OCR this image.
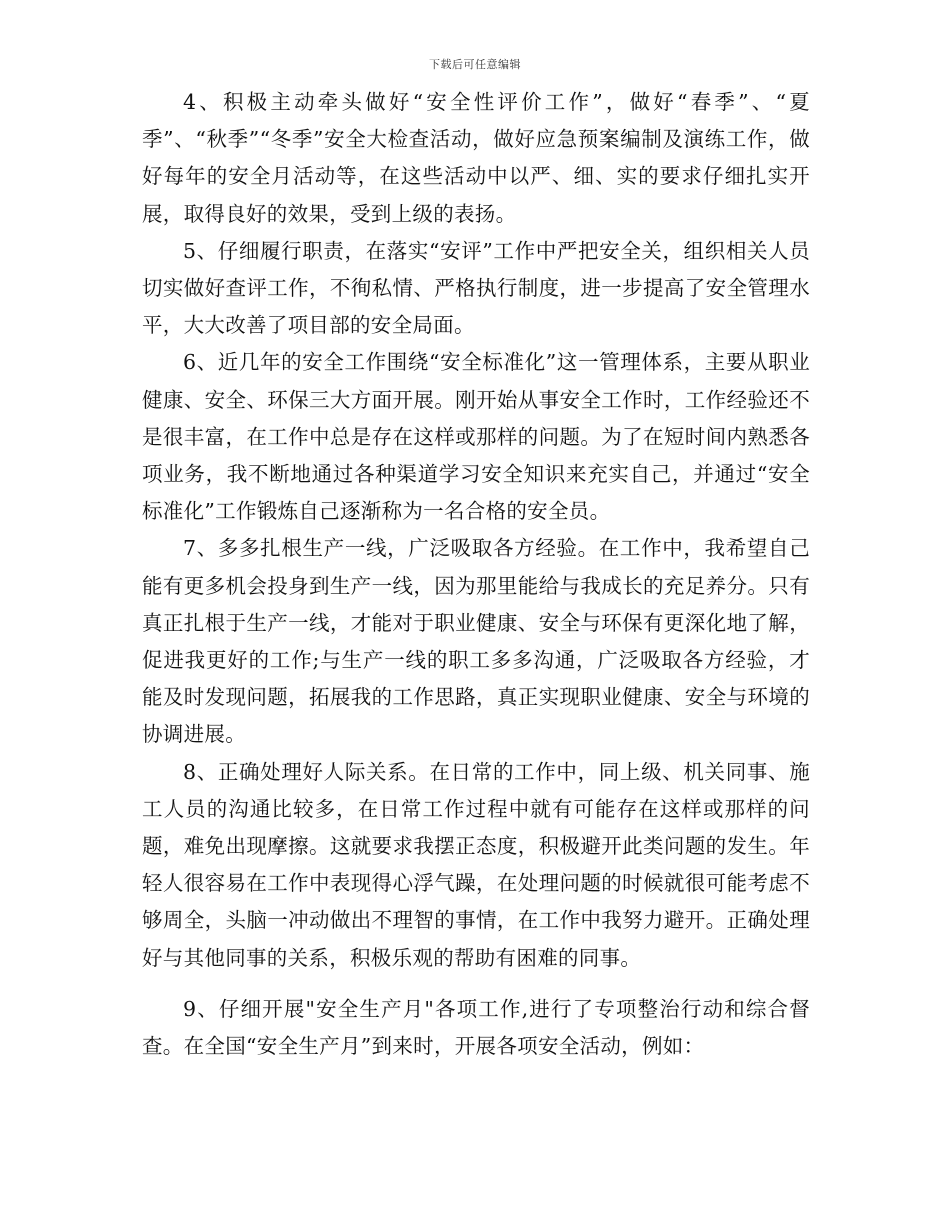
下载后可任意编辑

4、积极主动牵头做好“安全性评价工作”，做好“春季”、“夏季”、“秋季”“冬季”安全大检查活动，做好应急预案编制及演练工作，做好每年的安全月活动等，在这些活动中以严、细、实的要求仔细扎实开展，取得良好的效果，受到上级的表扬。

5、仔细履行职责，在落实“安评”工作中严把安全关，组织相关人员切实做好查评工作，不徇私情、严格执行制度，进一步提高了安全管理水平，大大改善了项目部的安全局面。

6、近几年的安全工作围绕“安全标准化”这一管理体系，主要从职业健康、安全、环保三大方面开展。刚开始从事安全工作时，工作经验还不是很丰富，在工作中总是存在这样或那样的问题。为了在短时间内熟悉各项业务，我不断地通过各种渠道学习安全知识来充实自己，并通过“安全标准化”工作锻炼自己逐渐称为一名合格的安全员。

7、多多扎根生产一线，广泛吸取各方经验。在工作中，我希望自己能有更多机会投身到生产一线，因为那里能给与我成长的充足养分。只有真正扎根于生产一线，才能对于职业健康、安全与环保有更深化地了解，促进我更好的工作;与生产一线的职工多多沟通，广泛吸取各方经验，才能及时发现问题，拓展我的工作思路，真正实现职业健康、安全与环境的协调进展。

8、正确处理好人际关系。在日常的工作中，同上级、机关同事、施工人员的沟通比较多，在日常工作过程中就有可能存在这样或那样的问题，难免出现摩擦。这就要求我摆正态度，积极避开此类问题的发生。年轻人很容易在工作中表现得心浮气躁，在处理问题的时候就很可能考虑不够周全，头脑一冲动做出不理智的事情，在工作中我努力避开。正确处理好与其他同事的关系，积极乐观的帮助有困难的同事。

9、仔细开展"安全生产月"各项工作,进行了专项整治行动和综合督查。在全国“安全生产月”到来时，开展各项安全活动，例如：
